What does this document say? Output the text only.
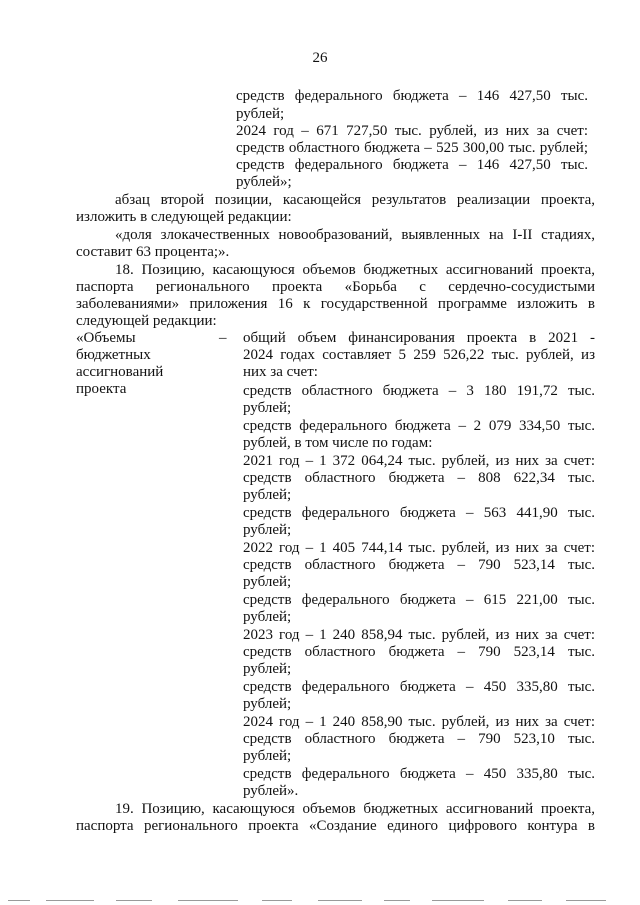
26
средств федерального бюджета – 146 427,50 тыс.
рублей;
2024 год – 671 727,50 тыс. рублей, из них за счет:
средств областного бюджета – 525 300,00 тыс. рублей;
средств федерального бюджета – 146 427,50 тыс.
рублей»;
абзац второй позиции, касающейся результатов реализации проекта,
изложить в следующей редакции:
«доля злокачественных новообразований, выявленных на I-II стадиях,
составит 63 процента;».
18. Позицию, касающуюся объемов бюджетных ассигнований проекта,
паспорта регионального проекта «Борьба с сердечно-сосудистыми
заболеваниями» приложения 16 к государственной программе изложить в
следующей редакции:
«Объемы
бюджетных
ассигнований
проекта
– общий объем финансирования проекта в 2021 -
2024 годах составляет 5 259 526,22 тыс. рублей, из
них за счет:
средств областного бюджета – 3 180 191,72 тыс.
рублей;
средств федерального бюджета – 2 079 334,50 тыс.
рублей, в том числе по годам:
2021 год – 1 372 064,24 тыс. рублей, из них за счет:
средств областного бюджета – 808 622,34 тыс.
рублей;
средств федерального бюджета – 563 441,90 тыс.
рублей;
2022 год – 1 405 744,14 тыс. рублей, из них за счет:
средств областного бюджета – 790 523,14 тыс.
рублей;
средств федерального бюджета – 615 221,00 тыс.
рублей;
2023 год – 1 240 858,94 тыс. рублей, из них за счет:
средств областного бюджета – 790 523,14 тыс.
рублей;
средств федерального бюджета – 450 335,80 тыс.
рублей;
2024 год – 1 240 858,90 тыс. рублей, из них за счет:
средств областного бюджета – 790 523,10 тыс.
рублей;
средств федерального бюджета – 450 335,80 тыс.
рублей».
19. Позицию, касающуюся объемов бюджетных ассигнований проекта,
паспорта регионального проекта «Создание единого цифрового контура в
